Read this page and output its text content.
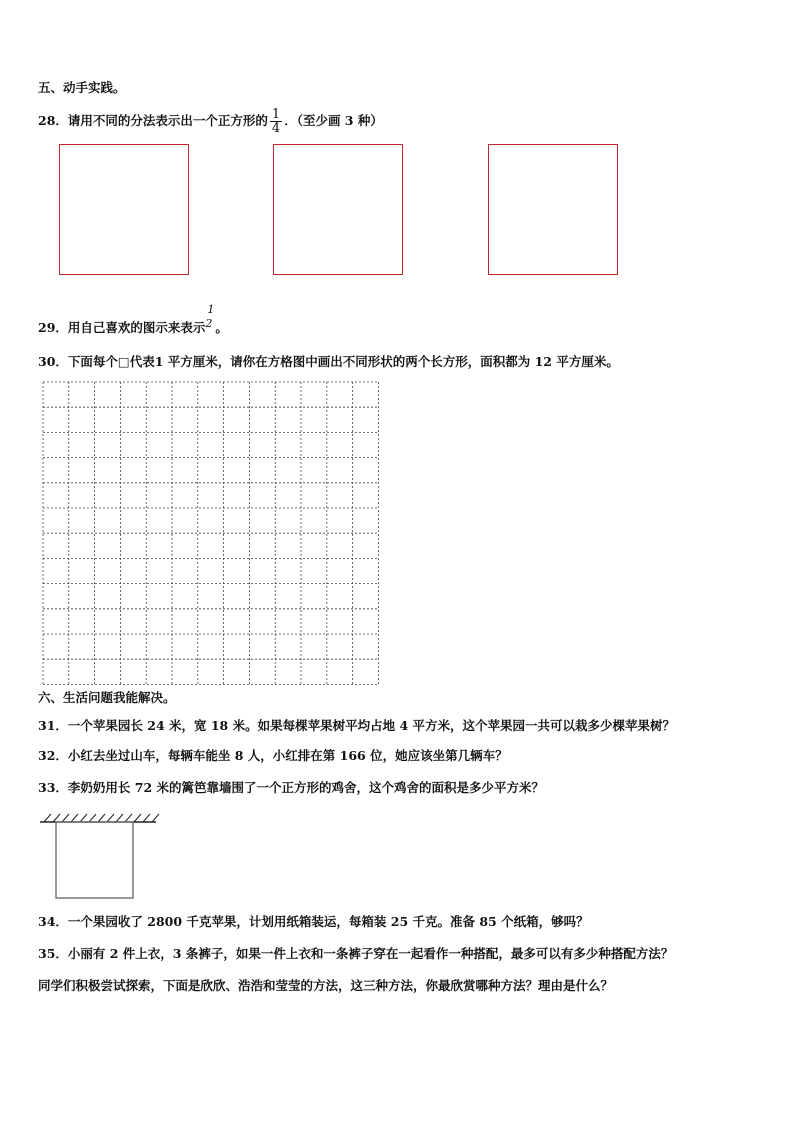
五、动手实践。
28．请用不同的分法表示出一个正方形的 $\frac{1}{4}$ ．（至少画 3 种）
29．用自己喜欢的图示来表示
1
2 。
30．下面每个□代表1 平方厘米，请你在方格图中画出不同形状的两个长方形，面积都为 12 平方厘米。
六、生活问题我能解决。
31．一个苹果园长 24 米，宽 18 米。如果每棵苹果树平均占地 4 平方米，这个苹果园一共可以栽多少棵苹果树？
32．小红去坐过山车，每辆车能坐 8 人，小红排在第 166 位，她应该坐第几辆车？
33．李奶奶用长 72 米的篱笆靠墙围了一个正方形的鸡舍，这个鸡舍的面积是多少平方米？
34．一个果园收了 2800 千克苹果，计划用纸箱装运，每箱装 25 千克。准备 85 个纸箱，够吗？
35．小丽有 2 件上衣，3 条裤子，如果一件上衣和一条裤子穿在一起看作一种搭配，最多可以有多少种搭配方法？
同学们积极尝试探索，下面是欣欣、浩浩和莹莹的方法，这三种方法，你最欣赏哪种方法？理由是什么？
